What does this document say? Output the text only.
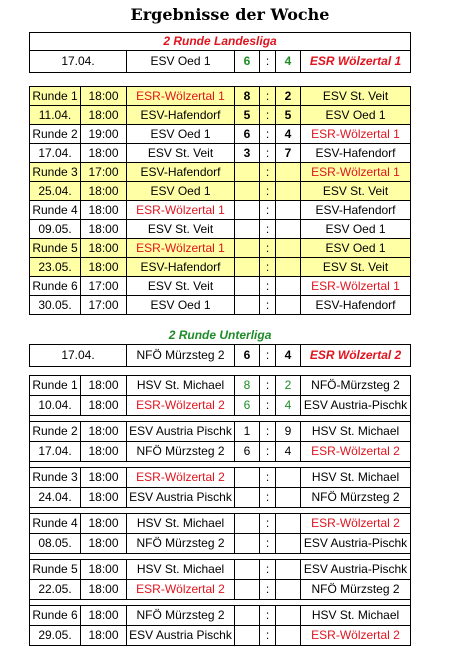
Ergebnisse der Woche
2 Runde Landesliga
17.04.	ESV Oed 1	6	:	4	ESR Wölzertal 1
Runde 1	18:00	ESR-Wölzertal 1	8	:	2	ESV St. Veit
11.04.	18:00	ESV-Hafendorf	5	:	5	ESV Oed 1
Runde 2	19:00	ESV Oed 1	6	:	4	ESR-Wölzertal 1
17.04.	18:00	ESV St. Veit	3	:	7	ESV-Hafendorf
Runde 3	17:00	ESV-Hafendorf		:		ESR-Wölzertal 1
25.04.	18:00	ESV Oed 1		:		ESV St. Veit
Runde 4	18:00	ESR-Wölzertal 1		:		ESV-Hafendorf
09.05.	18:00	ESV St. Veit		:		ESV Oed 1
Runde 5	18:00	ESR-Wölzertal 1		:		ESV Oed 1
23.05.	18:00	ESV-Hafendorf		:		ESV St. Veit
Runde 6	17:00	ESV St. Veit		:		ESR-Wölzertal 1
30.05.	17:00	ESV Oed 1		:		ESV-Hafendorf
2 Runde Unterliga
17.04.	NFÖ Mürzsteg 2	6	:	4	ESR Wölzertal 2
Runde 1	18:00	HSV St. Michael	8	:	2	NFÖ-Mürzsteg 2
10.04.	18:00	ESR-Wölzertal 2	6	:	4	ESV Austria-Pischk

Runde 2	18:00	ESV Austria Pischk	1	:	9	HSV St. Michael
17.04.	18:00	NFÖ Mürzsteg 2	6	:	4	ESR-Wölzertal 2

Runde 3	18:00	ESR-Wölzertal 2		:		HSV St. Michael
24.04.	18:00	ESV Austria Pischk		:		NFÖ Mürzsteg 2

Runde 4	18:00	HSV St. Michael		:		ESR-Wölzertal 2
08.05.	18:00	NFÖ Mürzsteg 2		:		ESV Austria-Pischk

Runde 5	18:00	HSV St. Michael		:		ESV Austria-Pischk
22.05.	18:00	ESR-Wölzertal 2		:		NFÖ Mürzsteg 2

Runde 6	18:00	NFÖ Mürzsteg 2		:		HSV St. Michael
29.05.	18:00	ESV Austria Pischk		:		ESR-Wölzertal 2
